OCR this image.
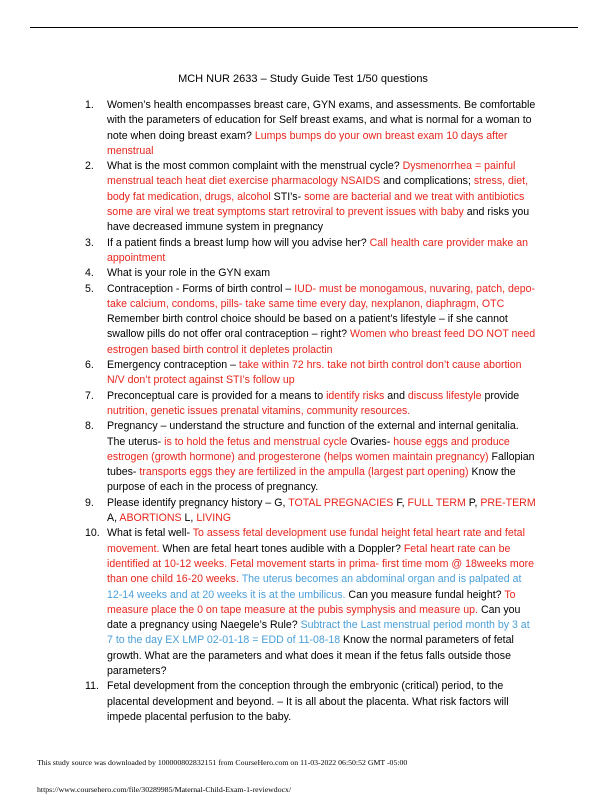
MCH NUR 2633 – Study Guide Test 1/50 questions
1. Women’s health encompasses breast care, GYN exams, and assessments. Be comfortable with the parameters of education for Self breast exams, and what is normal for a woman to note when doing breast exam? Lumps bumps do your own breast exam 10 days after menstrual
2. What is the most common complaint with the menstrual cycle? Dysmenorrhea = painful menstrual teach heat diet exercise pharmacology NSAIDS and complications; stress, diet, body fat medication, drugs, alcohol STI’s- some are bacterial and we treat with antibiotics some are viral we treat symptoms start retroviral to prevent issues with baby and risks you have decreased immune system in pregnancy
3. If a patient finds a breast lump how will you advise her? Call health care provider make an appointment
4. What is your role in the GYN exam
5. Contraception - Forms of birth control – IUD- must be monogamous, nuvaring, patch, depo- take calcium, condoms, pills- take same time every day, nexplanon, diaphragm, OTC Remember birth control choice should be based on a patient’s lifestyle – if she cannot swallow pills do not offer oral contraception – right? Women who breast feed DO NOT need estrogen based birth control it depletes prolactin
6. Emergency contraception – take within 72 hrs. take not birth control don’t cause abortion N/V don’t protect against STI’s follow up
7. Preconceptual care is provided for a means to identify risks and discuss lifestyle provide nutrition, genetic issues prenatal vitamins, community resources.
8. Pregnancy – understand the structure and function of the external and internal genitalia. The uterus- is to hold the fetus and menstrual cycle Ovaries- house eggs and produce estrogen (growth hormone) and progesterone (helps women maintain pregnancy) Fallopian tubes- transports eggs they are fertilized in the ampulla (largest part opening) Know the purpose of each in the process of pregnancy.
9. Please identify pregnancy history – G, TOTAL PREGNACIES F, FULL TERM P, PRE-TERM A, ABORTIONS L, LIVING
10. What is fetal well- To assess fetal development use fundal height fetal heart rate and fetal movement. When are fetal heart tones audible with a Doppler? Fetal heart rate can be identified at 10-12 weeks. Fetal movement starts in prima- first time mom @ 18weeks more than one child 16-20 weeks. The uterus becomes an abdominal organ and is palpated at 12-14 weeks and at 20 weeks it is at the umbilicus. Can you measure fundal height? To measure place the 0 on tape measure at the pubis symphysis and measure up. Can you date a pregnancy using Naegele’s Rule? Subtract the Last menstrual period month by 3 at 7 to the day EX LMP 02-01-18 = EDD of 11-08-18 Know the normal parameters of fetal growth. What are the parameters and what does it mean if the fetus falls outside those parameters?
11. Fetal development from the conception through the embryonic (critical) period, to the placental development and beyond. – It is all about the placenta. What risk factors will impede placental perfusion to the baby.
This study source was downloaded by 100000802832151 from CourseHero.com on 11-03-2022 06:50:52 GMT -05:00
https://www.coursehero.com/file/30289985/Maternal-Child-Exam-1-reviewdocx/
